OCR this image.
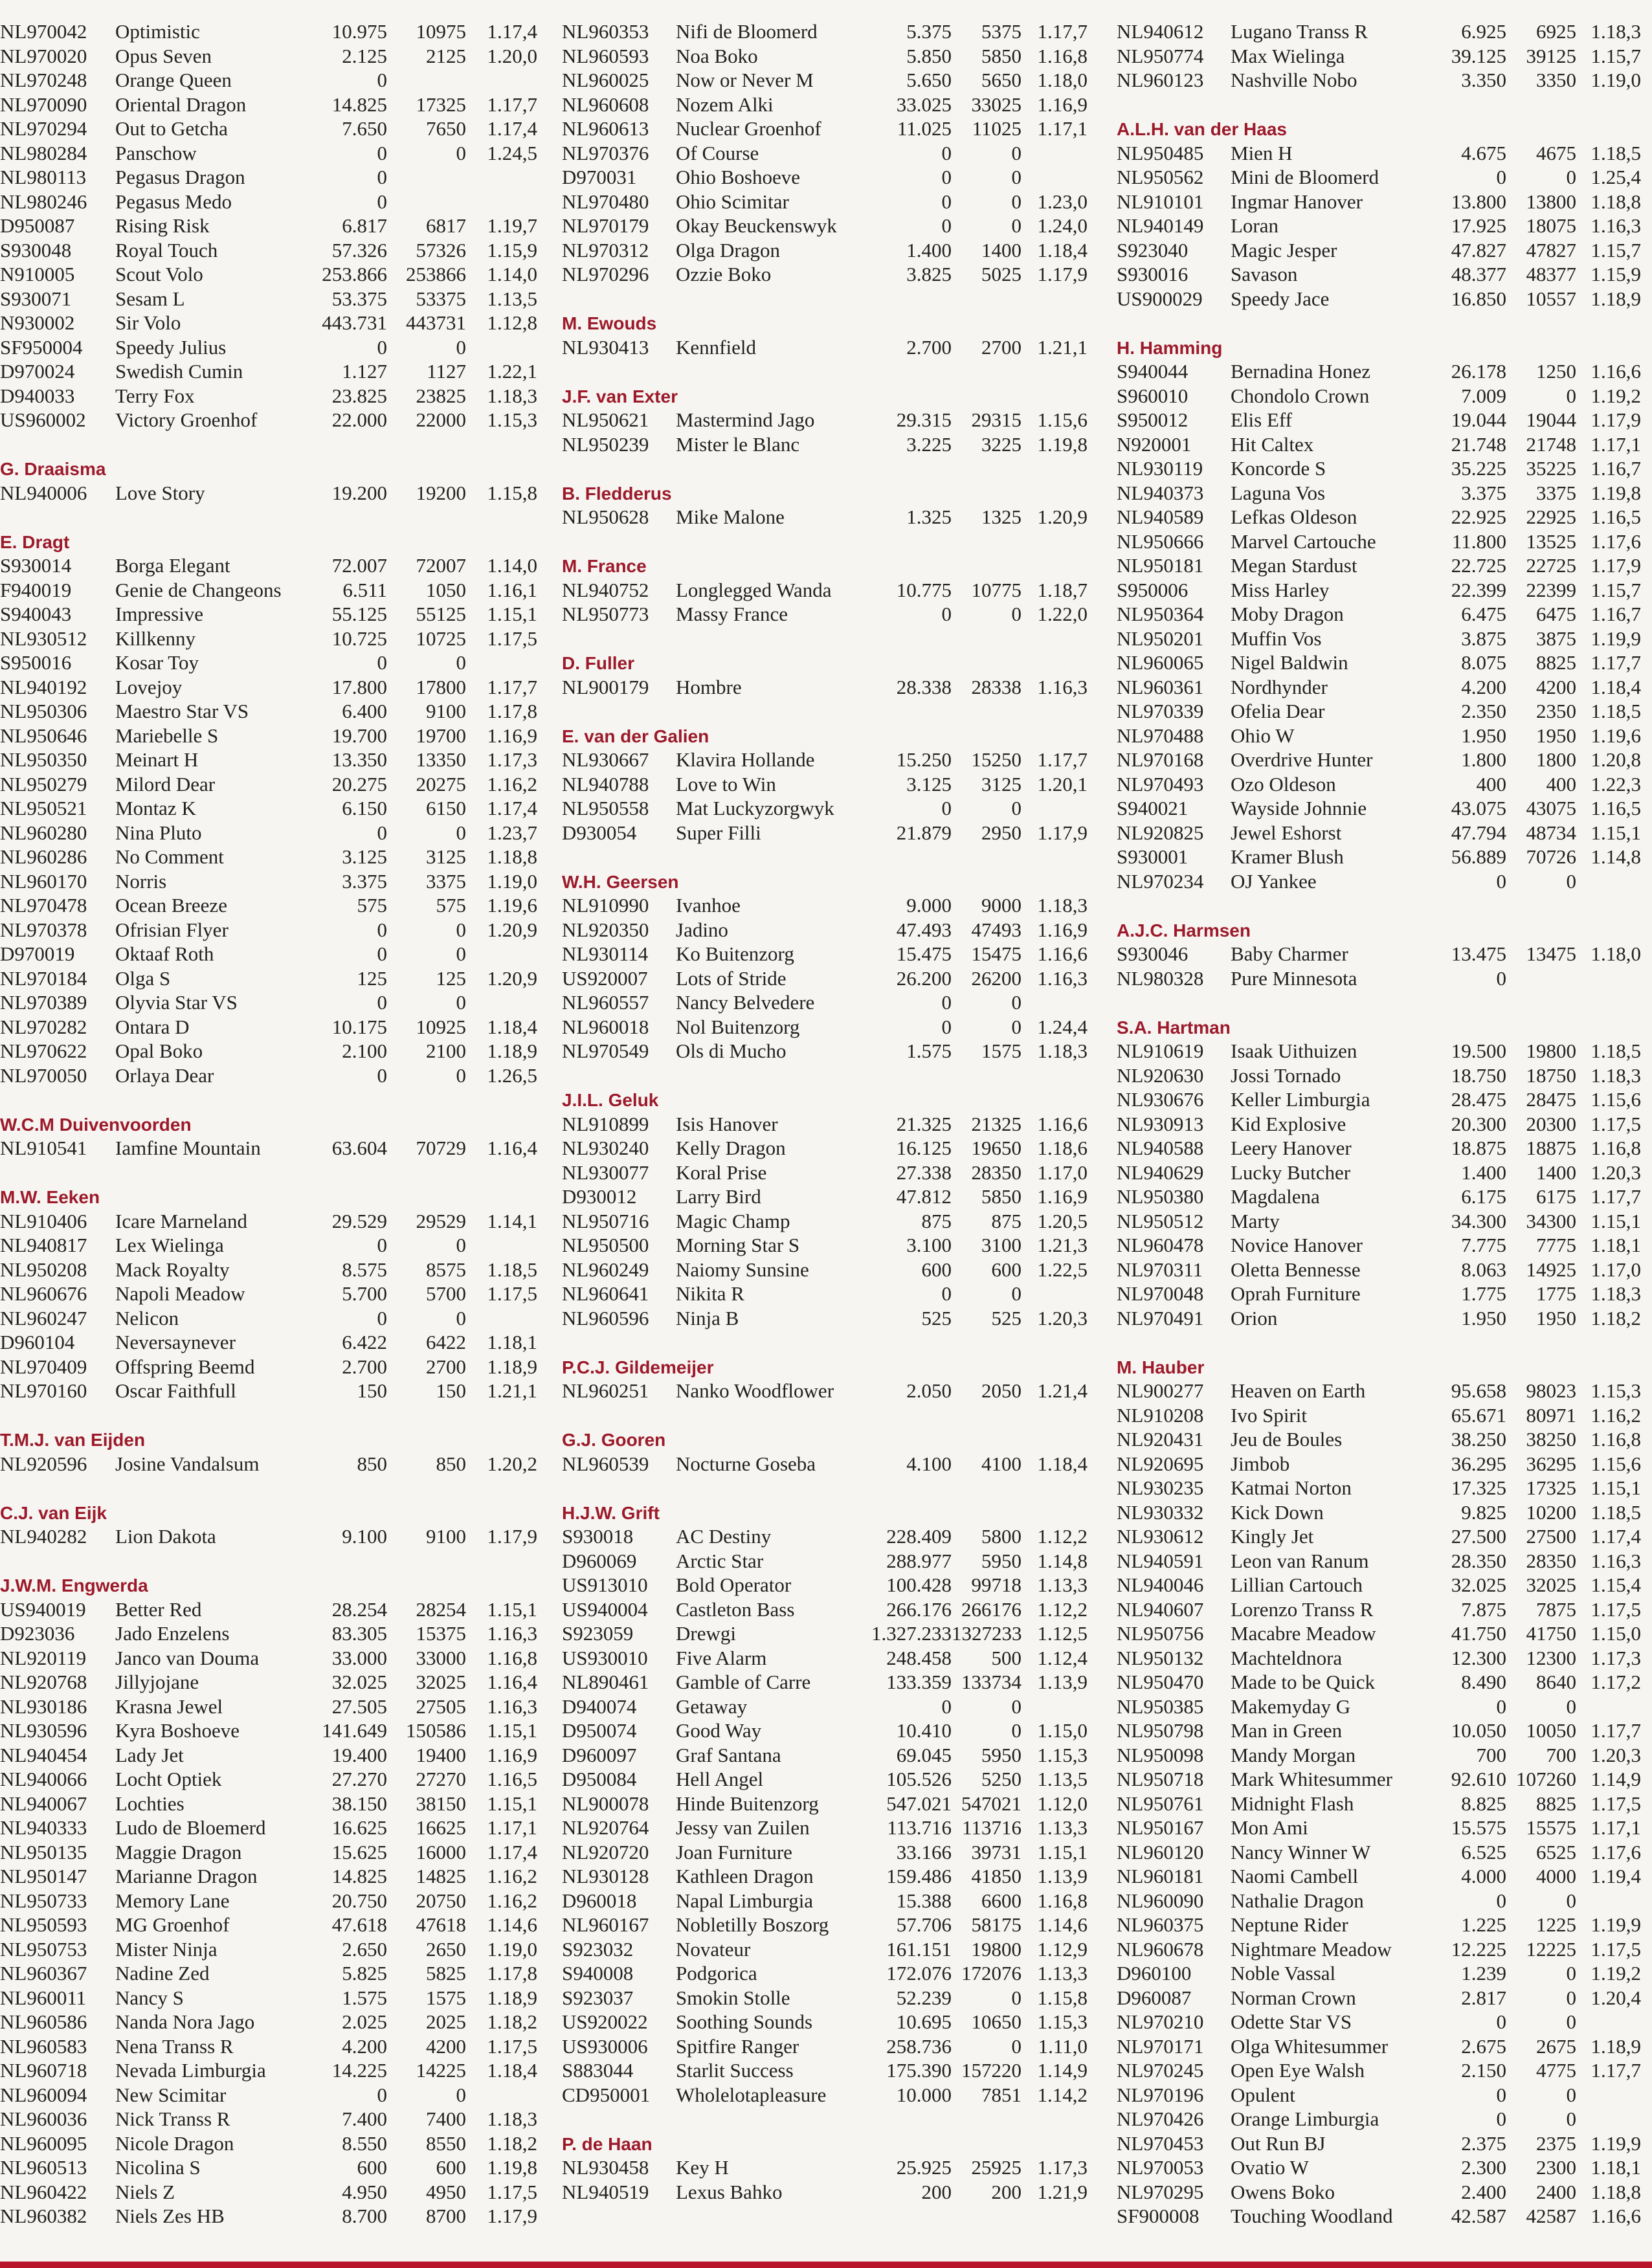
NL970042	Optimistic	10.975	10975	1.17,4
NL970020	Opus Seven	2.125	2125	1.20,0
NL970248	Orange Queen	0
NL970090	Oriental Dragon	14.825	17325	1.17,7
NL970294	Out to Getcha	7.650	7650	1.17,4
NL980284	Panschow	0	0	1.24,5
NL980113	Pegasus Dragon	0
NL980246	Pegasus Medo	0
D950087	Rising Risk	6.817	6817	1.19,7
S930048	Royal Touch	57.326	57326	1.15,9
N910005	Scout Volo	253.866 253866	1.14,0
S930071	Sesam L	53.375	53375	1.13,5
N930002	Sir Volo	443.731 443731	1.12,8
SF950004	Speedy Julius	0	0
D970024	Swedish Cumin	1.127	1127	1.22,1
D940033	Terry Fox	23.825	23825	1.18,3
US960002	Victory Groenhof	22.000	22000	1.15,3
G. Draaisma
NL940006	Love Story	19.200	19200	1.15,8
E. Dragt
S930014	Borga Elegant	72.007	72007	1.14,0
F940019	Genie de Changeons	6.511	1050	1.16,1
S940043	Impressive	55.125	55125	1.15,1
NL930512	Killkenny	10.725	10725	1.17,5
S950016	Kosar Toy	0	0
NL940192	Lovejoy	17.800	17800	1.17,7
NL950306	Maestro Star VS	6.400	9100	1.17,8
NL950646	Mariebelle S	19.700	19700	1.16,9
NL950350	Meinart H	13.350	13350	1.17,3
NL950279	Milord Dear	20.275	20275	1.16,2
NL950521	Montaz K	6.150	6150	1.17,4
NL960280	Nina Pluto	0	0	1.23,7
NL960286	No Comment	3.125	3125	1.18,8
NL960170	Norris	3.375	3375	1.19,0
NL970478	Ocean Breeze	575	575	1.19,6
NL970378	Ofrisian Flyer	0	0	1.20,9
D970019	Oktaaf Roth	0	0
NL970184	Olga S	125	125	1.20,9
NL970389	Olyvia Star VS	0	0
NL970282	Ontara D	10.175	10925	1.18,4
NL970622	Opal Boko	2.100	2100	1.18,9
NL970050	Orlaya Dear	0	0	1.26,5
W.C.M Duivenvoorden
NL910541	Iamfine Mountain	63.604	70729	1.16,4
M.W. Eeken
NL910406	Icare Marneland	29.529	29529	1.14,1
NL940817	Lex Wielinga	0	0
NL950208	Mack Royalty	8.575	8575	1.18,5
NL960676	Napoli Meadow	5.700	5700	1.17,5
NL960247	Nelicon	0	0
D960104	Neversaynever	6.422	6422	1.18,1
NL970409	Offspring Beemd	2.700	2700	1.18,9
NL970160	Oscar Faithfull	150	150	1.21,1
T.M.J. van Eijden
NL920596	Josine Vandalsum	850	850	1.20,2
C.J. van Eijk
NL940282	Lion Dakota	9.100	9100	1.17,9
J.W.M. Engwerda
US940019	Better Red	28.254	28254	1.15,1
D923036	Jado Enzelens	83.305	15375	1.16,3
NL920119	Janco van Douma	33.000	33000	1.16,8
NL920768	Jillyjojane	32.025	32025	1.16,4
NL930186	Krasna Jewel	27.505	27505	1.16,3
NL930596	Kyra Boshoeve	141.649 150586	1.15,1
NL940454	Lady Jet	19.400	19400	1.16,9
NL940066	Locht Optiek	27.270	27270	1.16,5
NL940067	Lochties	38.150	38150	1.15,1
NL940333	Ludo de Bloemerd	16.625	16625	1.17,1
NL950135	Maggie Dragon	15.625	16000	1.17,4
NL950147	Marianne Dragon	14.825	14825	1.16,2
NL950733	Memory Lane	20.750	20750	1.16,2
NL950593	MG Groenhof	47.618	47618	1.14,6
NL950753	Mister Ninja	2.650	2650	1.19,0
NL960367	Nadine Zed	5.825	5825	1.17,8
NL960011	Nancy S	1.575	1575	1.18,9
NL960586	Nanda Nora Jago	2.025	2025	1.18,2
NL960583	Nena Transs R	4.200	4200	1.17,5
NL960718	Nevada Limburgia	14.225	14225	1.18,4
NL960094	New Scimitar	0	0
NL960036	Nick Transs R	7.400	7400	1.18,3
NL960095	Nicole Dragon	8.550	8550	1.18,2
NL960513	Nicolina S	600	600	1.19,8
NL960422	Niels Z	4.950	4950	1.17,5
NL960382	Niels Zes HB	8.700	8700	1.17,9
NL960353	Nifi de Bloomerd	5.375	5375 1.17,7
NL960593	Noa Boko	5.850	5850 1.16,8
NL960025	Now or Never M	5.650	5650 1.18,0
NL960608	Nozem Alki	33.025 33025 1.16,9
NL960613	Nuclear Groenhof	11.025	11025 1.17,1
NL970376	Of Course	0	0
D970031	Ohio Boshoeve	0	0
NL970480	Ohio Scimitar	0	0 1.23,0
NL970179	Okay Beuckenswyk	0	0 1.24,0
NL970312	Olga Dragon	1.400	1400 1.18,4
NL970296	Ozzie Boko	3.825	5025 1.17,9
M. Ewouds
NL930413	Kennfield	2.700	2700 1.21,1
J.F. van Exter
NL950621	Mastermind Jago	29.315 29315 1.15,6
NL950239	Mister le Blanc	3.225	3225 1.19,8
B. Fledderus
NL950628	Mike Malone	1.325	1325 1.20,9
M. France
NL940752	Longlegged Wanda	10.775 10775 1.18,7
NL950773	Massy France	0	0 1.22,0
D. Fuller
NL900179	Hombre	28.338 28338 1.16,3
E. van der Galien
NL930667	Klavira Hollande	15.250 15250 1.17,7
NL940788	Love to Win	3.125	3125 1.20,1
NL950558	Mat Luckyzorgwyk	0	0
D930054	Super Filli	21.879	2950 1.17,9
W.H. Geersen
NL910990	Ivanhoe	9.000	9000 1.18,3
NL920350	Jadino	47.493 47493 1.16,9
NL930114	Ko Buitenzorg	15.475 15475 1.16,6
US920007	Lots of Stride	26.200 26200 1.16,3
NL960557	Nancy Belvedere	0	0
NL960018	Nol Buitenzorg	0	0 1.24,4
NL970549	Ols di Mucho	1.575	1575 1.18,3
J.I.L. Geluk
NL910899	Isis Hanover	21.325 21325 1.16,6
NL930240	Kelly Dragon	16.125 19650 1.18,6
NL930077	Koral Prise	27.338 28350 1.17,0
D930012	Larry Bird	47.812	5850 1.16,9
NL950716	Magic Champ	875	875 1.20,5
NL950500	Morning Star S	3.100	3100 1.21,3
NL960249	Naiomy Sunsine	600	600 1.22,5
NL960641	Nikita R	0	0
NL960596	Ninja B	525	525 1.20,3
P.C.J. Gildemeijer
NL960251	Nanko Woodflower	2.050	2050 1.21,4
G.J. Gooren
NL960539	Nocturne Goseba	4.100	4100 1.18,4
H.J.W. Grift
S930018	AC Destiny	228.409	5800 1.12,2
D960069	Arctic Star	288.977	5950 1.14,8
US913010	Bold Operator	100.428 99718 1.13,3
US940004	Castleton Bass	266.176 266176 1.12,2
S923059	Drewgi	1.327.233 1327233 1.12,5
US930010	Five Alarm	248.458	500 1.12,4
NL890461	Gamble of Carre	133.359 133734 1.13,9
D940074	Getaway	0	0
D950074	Good Way	10.410	0 1.15,0
D960097	Graf Santana	69.045	5950 1.15,3
D950084	Hell Angel	105.526	5250 1.13,5
NL900078	Hinde Buitenzorg	547.021 547021 1.12,0
NL920764	Jessy van Zuilen	113.716 113716 1.13,3
NL920720	Joan Furniture	33.166 39731 1.15,1
NL930128	Kathleen Dragon	159.486 41850 1.13,9
D960018	Napal Limburgia	15.388	6600 1.16,8
NL960167	Nobletilly Boszorg	57.706 58175 1.14,6
S923032	Novateur	161.151 19800 1.12,9
S940008	Podgorica	172.076 172076 1.13,3
S923037	Smokin Stolle	52.239	0 1.15,8
US920022	Soothing Sounds	10.695 10650 1.15,3
US930006	Spitfire Ranger	258.736	0 1.11,0
S883044	Starlit Success	175.390 157220 1.14,9
CD950001	Wholelotapleasure	10.000	7851 1.14,2
P. de Haan
NL930458	Key H	25.925 25925 1.17,3
NL940519	Lexus Bahko	200	200 1.21,9
NL940612	Lugano Transs R	6.925	6925 1.18,3
NL950774	Max Wielinga	39.125 39125 1.15,7
NL960123	Nashville Nobo	3.350	3350 1.19,0
A.L.H. van der Haas
NL950485	Mien H	4.675	4675 1.18,5
NL950562	Mini de Bloomerd	0	0 1.25,4
NL910101	Ingmar Hanover	13.800 13800 1.18,8
NL940149	Loran	17.925 18075 1.16,3
S923040	Magic Jesper	47.827 47827 1.15,7
S930016	Savason	48.377 48377 1.15,9
US900029	Speedy Jace	16.850 10557 1.18,9
H. Hamming
S940044	Bernadina Honez	26.178	1250 1.16,6
S960010	Chondolo Crown	7.009	0 1.19,2
S950012	Elis Eff	19.044 19044 1.17,9
N920001	Hit Caltex	21.748 21748 1.17,1
NL930119	Koncorde S	35.225 35225 1.16,7
NL940373	Laguna Vos	3.375	3375 1.19,8
NL940589	Lefkas Oldeson	22.925 22925 1.16,5
NL950666	Marvel Cartouche	11.800 13525 1.17,6
NL950181	Megan Stardust	22.725 22725 1.17,9
S950006	Miss Harley	22.399 22399 1.15,7
NL950364	Moby Dragon	6.475	6475 1.16,7
NL950201	Muffin Vos	3.875	3875 1.19,9
NL960065	Nigel Baldwin	8.075	8825 1.17,7
NL960361	Nordhynder	4.200	4200 1.18,4
NL970339	Ofelia Dear	2.350	2350 1.18,5
NL970488	Ohio W	1.950	1950 1.19,6
NL970168	Overdrive Hunter	1.800	1800 1.20,8
NL970493	Ozo Oldeson	400	400 1.22,3
S940021	Wayside Johnnie	43.075 43075 1.16,5
NL920825	Jewel Eshorst	47.794 48734 1.15,1
S930001	Kramer Blush	56.889 70726 1.14,8
NL970234	OJ Yankee	0	0
A.J.C. Harmsen
S930046	Baby Charmer	13.475 13475 1.18,0
NL980328	Pure Minnesota	0
S.A. Hartman
NL910619	Isaak Uithuizen	19.500 19800 1.18,5
NL920630	Jossi Tornado	18.750 18750 1.18,3
NL930676	Keller Limburgia	28.475 28475 1.15,6
NL930913	Kid Explosive	20.300 20300 1.17,5
NL940588	Leery Hanover	18.875 18875 1.16,8
NL940629	Lucky Butcher	1.400	1400 1.20,3
NL950380	Magdalena	6.175	6175 1.17,7
NL950512	Marty	34.300 34300 1.15,1
NL960478	Novice Hanover	7.775	7775 1.18,1
NL970311	Oletta Bennesse	8.063 14925 1.17,0
NL970048	Oprah Furniture	1.775	1775 1.18,3
NL970491	Orion	1.950	1950 1.18,2
M. Hauber
NL900277	Heaven on Earth	95.658 98023 1.15,3
NL910208	Ivo Spirit	65.671 80971 1.16,2
NL920431	Jeu de Boules	38.250 38250 1.16,8
NL920695	Jimbob	36.295 36295 1.15,6
NL930235	Katmai Norton	17.325 17325 1.15,1
NL930332	Kick Down	9.825 10200 1.18,5
NL930612	Kingly Jet	27.500 27500 1.17,4
NL940591	Leon van Ranum	28.350 28350 1.16,3
NL940046	Lillian Cartouch	32.025 32025 1.15,4
NL940607	Lorenzo Transs R	7.875	7875 1.17,5
NL950756	Macabre Meadow	41.750 41750 1.15,0
NL950132	Machteldnora	12.300 12300 1.17,3
NL950470	Made to be Quick	8.490	8640 1.17,2
NL950385	Makemyday G	0	0
NL950798	Man in Green	10.050 10050 1.17,7
NL950098	Mandy Morgan	700	700 1.20,3
NL950718	Mark Whitesummer	92.610 107260 1.14,9
NL950761	Midnight Flash	8.825	8825 1.17,5
NL950167	Mon Ami	15.575 15575 1.17,1
NL960120	Nancy Winner W	6.525	6525 1.17,6
NL960181	Naomi Cambell	4.000	4000 1.19,4
NL960090	Nathalie Dragon	0	0
NL960375	Neptune Rider	1.225	1225 1.19,9
NL960678	Nightmare Meadow	12.225 12225 1.17,5
D960100	Noble Vassal	1.239	0 1.19,2
D960087	Norman Crown	2.817	0 1.20,4
NL970210	Odette Star VS	0	0
NL970171	Olga Whitesummer	2.675	2675 1.18,9
NL970245	Open Eye Walsh	2.150	4775 1.17,7
NL970196	Opulent	0	0
NL970426	Orange Limburgia	0	0
NL970453	Out Run BJ	2.375	2375 1.19,9
NL970053	Ovatio W	2.300	2300 1.18,1
NL970295	Owens Boko	2.400	2400 1.18,8
SF900008	Touching Woodland	42.587 42587 1.16,6
